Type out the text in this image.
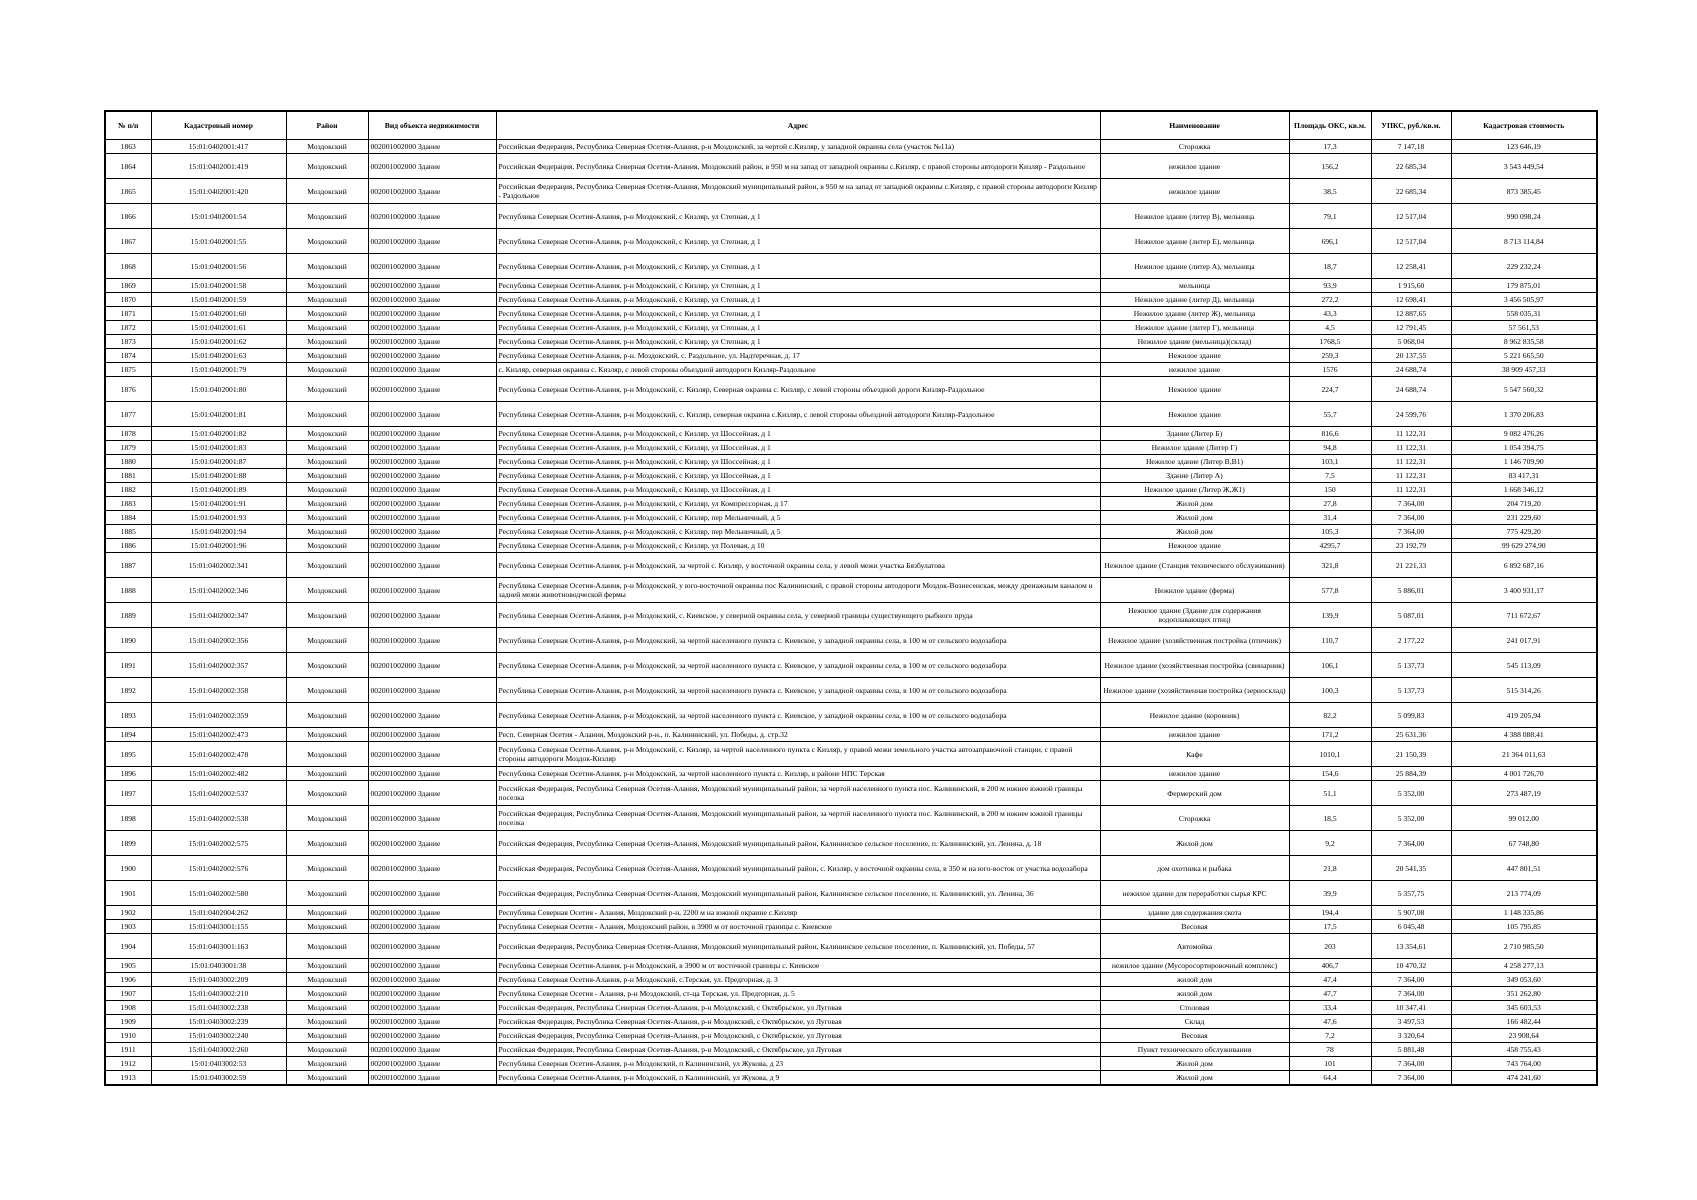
№ п/п	Кадастровый номер	Район	Вид объекта недвижимости	Адрес	Наименование	Площадь ОКС, кв.м.	УПКС, руб./кв.м.	Кадастровая стоимость
1863	15:01:0402001:417	Моздокский	002001002000 Здание	Российская Федерация, Республика Северная Осетия-Алания, р-н Моздокский, за чертой с.Кизляр, у западной окраины села (участок №11а)	Сторожка	17,3	7 147,18	123 646,19
1864	15:01:0402001:419	Моздокский	002001002000 Здание	Российская Федерация, Республика Северная Осетия-Алания, Моздокский район, в 950 м на запад от западной окраины с.Кизляр, с правой стороны автодороги Кизляр - Раздольное	нежилое здание	156,2	22 685,34	3 543 449,54
1865	15:01:0402001:420	Моздокский	002001002000 Здание	Российская Федерация, Республика Северная Осетия-Алания, Моздокский муниципальный район, в 950 м на запад от западной окраины с.Кизляр, с правой стороны автодороги Кизляр - Раздольное	нежилое здание	38,5	22 685,34	873 385,45
1866	15:01:0402001:54	Моздокский	002001002000 Здание	Республика Северная Осетия-Алания, р-н Моздокский, с Кизляр, ул Степная, д 1	Нежилое здание (литер В), мельница	79,1	12 517,04	990 098,24
1867	15:01:0402001:55	Моздокский	002001002000 Здание	Республика Северная Осетия-Алания, р-н Моздокский, с Кизляр, ул Степная, д 1	Нежилое здание (литер Е), мельница	696,1	12 517,04	8 713 114,84
1868	15:01:0402001:56	Моздокский	002001002000 Здание	Республика Северная Осетия-Алания, р-н Моздокский, с Кизляр, ул Степная, д 1	Нежилое здание (литер А), мельница	18,7	12 258,41	229 232,24
1869	15:01:0402001:58	Моздокский	002001002000 Здание	Республика Северная Осетия-Алания, р-н Моздокский, с Кизляр, ул Степная, д 1	мельница	93,9	1 915,60	179 875,01
1870	15:01:0402001:59	Моздокский	002001002000 Здание	Республика Северная Осетия-Алания, р-н Моздокский, с Кизляр, ул Степная, д 1	Нежилое здание (литер Д), мельница	272,2	12 698,41	3 456 505,97
1871	15:01:0402001:60	Моздокский	002001002000 Здание	Республика Северная Осетия-Алания, р-н Моздокский, с Кизляр, ул Степная, д 1	Нежилое здание (литер Ж), мельница	43,3	12 887,65	558 035,31
1872	15:01:0402001:61	Моздокский	002001002000 Здание	Республика Северная Осетия-Алания, р-н Моздокский, с Кизляр, ул Степная, д 1	Нежилое здание (литер Г), мельница	4,5	12 791,45	57 561,53
1873	15:01:0402001:62	Моздокский	002001002000 Здание	Республика Северная Осетия-Алания, р-н Моздокский, с Кизляр, ул Степная, д 1	Нежилое здание (мельница)(склад)	1768,5	5 068,04	8 962 835,58
1874	15:01:0402001:63	Моздокский	002001002000 Здание	Республика Северная Осетия-Алания, р-н. Моздокский, с. Раздольное, ул. Надтеречная, д. 17	Нежилое здание	259,3	20 137,55	5 221 665,50
1875	15:01:0402001:79	Моздокский	002001002000 Здание	с. Кизляр, северная окраина с. Кизляр, с левой стороны объездной автодороги Кизляр-Раздольное	нежилое здание	1576	24 688,74	38 909 457,33
1876	15:01:0402001:80	Моздокский	002001002000 Здание	Республика Северная Осетия-Алания, р-н Моздокский, с. Кизляр, Северная окраина с. Кизляр, с левой стороны объездной дороги Кизляр-Раздольное	Нежилое здание	224,7	24 688,74	5 547 560,32
1877	15:01:0402001:81	Моздокский	002001002000 Здание	Республика Северная Осетия-Алания, р-н Моздокский, с. Кизляр, северная окраина с.Кизляр, с левой стороны объездной автодороги Кизляр-Раздольное	Нежилое здание	55,7	24 599,76	1 370 206,83
1878	15:01:0402001:82	Моздокский	002001002000 Здание	Республика Северная Осетия-Алания, р-н Моздокский, с Кизляр, ул Шоссейная, д 1	Здание (Литер Б)	816,6	11 122,31	9 082 476,26
1879	15:01:0402001:83	Моздокский	002001002000 Здание	Республика Северная Осетия-Алания, р-н Моздокский, с Кизляр, ул Шоссейная, д 1	Нежилое здание (Литер Г)	94,8	11 122,31	1 054 394,75
1880	15:01:0402001:87	Моздокский	002001002000 Здание	Республика Северная Осетия-Алания, р-н Моздокский, с Кизляр, ул Шоссейная, д 1	Нежилое здание (Литер В,В1)	103,1	11 122,31	1 146 709,90
1881	15:01:0402001:88	Моздокский	002001002000 Здание	Республика Северная Осетия-Алания, р-н Моздокский, с Кизляр, ул Шоссейная, д 1	Здание (Литер А)	7,5	11 122,31	83 417,31
1882	15:01:0402001:89	Моздокский	002001002000 Здание	Республика Северная Осетия-Алания, р-н Моздокский, с Кизляр, ул Шоссейная, д 1	Нежилое здание (Литер Ж,Ж1)	150	11 122,31	1 668 346,12
1883	15:01:0402001:91	Моздокский	002001002000 Здание	Республика Северная Осетия-Алания, р-н Моздокский, с Кизляр, ул Компрессорная, д 17	Жилой дом	27,8	7 364,00	204 719,20
1884	15:01:0402001:93	Моздокский	002001002000 Здание	Республика Северная Осетия-Алания, р-н Моздокский, с Кизляр, пер Мельничный, д 5	Жилой дом	31,4	7 364,00	231 229,60
1885	15:01:0402001:94	Моздокский	002001002000 Здание	Республика Северная Осетия-Алания, р-н Моздокский, с Кизляр, пер Мельничный, д 5	Жилой дом	105,3	7 364,00	775 429,20
1886	15:01:0402001:96	Моздокский	002001002000 Здание	Республика Северная Осетия-Алания, р-н Моздокский, с Кизляр, ул Полевая, д 10	Нежилое здание	4295,7	23 192,79	99 629 274,90
1887	15:01:0402002:341	Моздокский	002001002000 Здание	Республика Северная Осетия-Алания, р-н Моздокский, за чертой с. Кизляр, у восточной окраины села, у левой межи участка Бязбулатова	Нежилое здание (Станция технического обслуживания)	321,8	21 221,33	6 892 687,16
1888	15:01:0402002:346	Моздокский	002001002000 Здание	Республика Северная Осетия-Алания, р-н Моздокский, у юго-восточной окраины пос Калининский, с правой стороны автодороги Моздок-Вознесенская, между дренажным каналом и задней межи животноводческой фермы	Нежилое здание (ферма)	577,8	5 886,01	3 400 931,17
1889	15:01:0402002:347	Моздокский	002001002000 Здание	Республика Северная Осетия-Алания, р-н Моздокский, с. Киевское, у северной окраины села, у северной границы существующего рыбного пруда	Нежилое здание (Здание для содержания водоплавающих птиц)	139,9	5 087,01	711 672,67
1890	15:01:0402002:356	Моздокский	002001002000 Здание	Республика Северная Осетия-Алания, р-н Моздокский, за чертой населенного пункта с. Киевское, у западной окраины села, в 100 м от сельского водозабора	Нежилое здание (хозяйственная постройка (птичник)	110,7	2 177,22	241 017,91
1891	15:01:0402002:357	Моздокский	002001002000 Здание	Республика Северная Осетия-Алания, р-н Моздокский, за чертой населенного пункта с. Киевское, у западной окраины села, в 100 м от сельского водозабора	Нежилое здание (хозяйственная постройка (свинарник)	106,1	5 137,73	545 113,09
1892	15:01:0402002:358	Моздокский	002001002000 Здание	Республика Северная Осетия-Алания, р-н Моздокский, за чертой населенного пункта с. Киевское, у западной окраины села, в 100 м от сельского водозабора	Нежилое здание (хозяйственная постройка (зерносклад)	100,3	5 137,73	515 314,26
1893	15:01:0402002:359	Моздокский	002001002000 Здание	Республика Северная Осетия-Алания, р-н Моздокский, за чертой населенного пункта с. Киевское, у западной окраины села, в 100 м от сельского водозабора	Нежилое здание (коровник)	82,2	5 099,83	419 205,94
1894	15:01:0402002:473	Моздокский	002001002000 Здание	Респ. Северная Осетия - Алания, Моздокский р-н., п. Калининский, ул. Победы, д. стр.32	нежилое здание	171,2	25 631,36	4 388 088,41
1895	15:01:0402002:478	Моздокский	002001002000 Здание	Республика Северная Осетия-Алания, р-н Моздокский, с. Кизляр, за чертой населенного пункта с Кизляр, у правой межи земельного участка автозаправочной станции, с правой стороны автодороги Моздок-Кизляр	Кафе	1010,1	21 150,39	21 364 011,63
1896	15:01:0402002:482	Моздокский	002001002000 Здание	Республика Северная Осетия-Алания, р-н Моздокский, за чертой населенного пункта с. Кизляр, в районе НПС Терская	нежилое здание	154,6	25 884,39	4 001 726,70
1897	15:01:0402002:537	Моздокский	002001002000 Здание	Российская Федерация, Республика Северная Осетия-Алания, Моздокский муниципальный район, за чертой населенного пункта пос. Калининский, в 200 м южнее южной границы поселка	Фермерский дом	51,1	5 352,00	273 487,19
1898	15:01:0402002:538	Моздокский	002001002000 Здание	Российская Федерация, Республика Северная Осетия-Алания, Моздокский муниципальный район, за чертой населенного пункта пос. Калининский, в 200 м южнее южной границы поселка	Сторожка	18,5	5 352,00	99 012,00
1899	15:01:0402002:575	Моздокский	002001002000 Здание	Российская Федерация, Республика Северная Осетия-Алания, Моздокский муниципальный район, Калининское сельское поселение, п. Калининский, ул. Ленина, д. 18	Жилой дом	9,2	7 364,00	67 748,80
1900	15:01:0402002:576	Моздокский	002001002000 Здание	Российская Федерация, Республика Северная Осетия-Алания, Моздокский муниципальный район, с. Кизляр, у восточной окраины села, в 350 м на юго-восток от участка водозабора	дом охотника и рыбака	21,8	20 541,35	447 801,51
1901	15:01:0402002:580	Моздокский	002001002000 Здание	Российская Федерация, Республика Северная Осетия-Алания, Моздокский муниципальный район, Калининское сельское поселение, п. Калининский, ул. Ленина, 36	нежилое здание для переработки сырья КРС	39,9	5 357,75	213 774,09
1902	15:01:0402004:262	Моздокский	002001002000 Здание	Республика Северная Осетия - Алания, Моздокский р-н, 2200 м на южной окраине с.Кизляр	здание для содержания скота	194,4	5 907,08	1 148 335,86
1903	15:01:0403001:155	Моздокский	002001002000 Здание	Республика Северная Осетия - Алания, Моздокский район, в 3900 м от восточной границы с. Киевское	Весовая	17,5	6 045,48	105 795,85
1904	15:01:0403001:163	Моздокский	002001002000 Здание	Российская Федерация, Республика Северная Осетия-Алания, Моздокский муниципальный район, Калининское сельское поселение, п. Калининский, ул. Победы, 57	Автомойка	203	13 354,61	2 710 985,50
1905	15:01:0403001:38	Моздокский	002001002000 Здание	Республика Северная Осетия-Алания, р-н Моздокский, в 3900 м от восточной границы с. Киевское	нежилое здание (Мусоросортировочный комплекс)	406,7	10 470,32	4 258 277,13
1906	15:01:0403002:209	Моздокский	002001002000 Здание	Республика Северная Осетия-Алания, р-н Моздокский, с.Терская, ул. Предгорная, д. 3	жилой дом	47,4	7 364,00	349 053,60
1907	15:01:0403002:210	Моздокский	002001002000 Здание	Республика Северная Осетия - Алания, р-н Моздокский, ст-ца Терская, ул. Предгорная, д. 5	жилой дом	47,7	7 364,00	351 262,80
1908	15:01:0403002:238	Моздокский	002001002000 Здание	Российская Федерация, Республика Северная Осетия-Алания, р-н Моздокский, с Октябрьское, ул Луговая	Столовая	33,4	10 347,41	345 603,53
1909	15:01:0403002:239	Моздокский	002001002000 Здание	Российская Федерация, Республика Северная Осетия-Алания, р-н Моздокский, с Октябрьское, ул Луговая	Склад	47,6	3 497,53	166 482,44
1910	15:01:0403002:240	Моздокский	002001002000 Здание	Российская Федерация, Республика Северная Осетия-Алания, р-н Моздокский, с Октябрьское, ул Луговая	Весовая	7,2	3 320,64	23 908,64
1911	15:01:0403002:260	Моздокский	002001002000 Здание	Российская Федерация, Республика Северная Осетия-Алания, р-н Моздокский, с Октябрьское, ул Луговая	Пункт технического обслуживания	78	5 881,48	458 755,43
1912	15:01:0403002:53	Моздокский	002001002000 Здание	Республика Северная Осетия-Алания, р-н Моздокский, п Калининский, ул Жукова, д 23	Жилой дом	101	7 364,00	743 764,00
1913	15:01:0403002:59	Моздокский	002001002000 Здание	Республика Северная Осетия-Алания, р-н Моздокский, п Калининский, ул Жукова, д 9	Жилой дом	64,4	7 364,00	474 241,60
